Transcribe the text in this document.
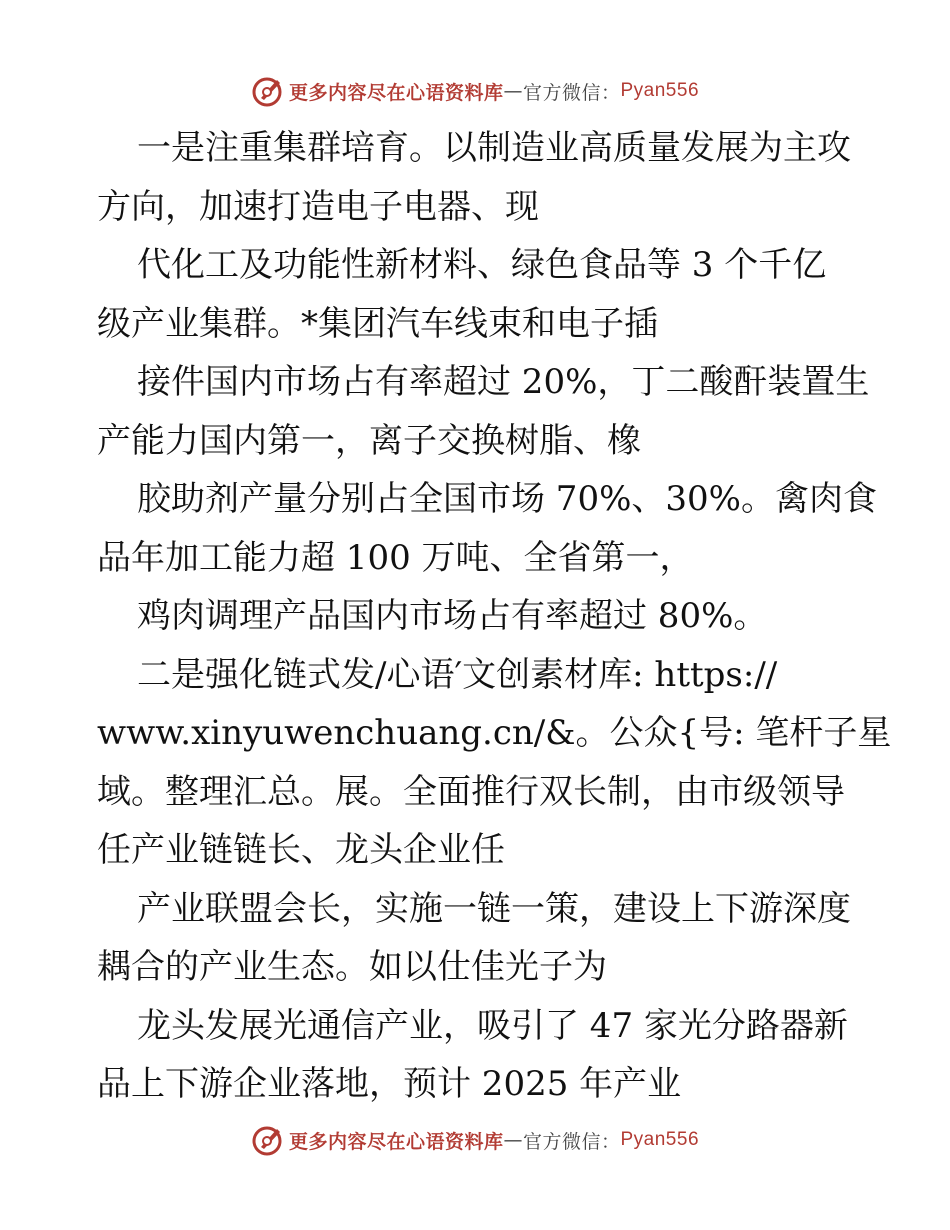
更多内容尽在心语资料库 — 官方微信： Pyan556
一是注重集群培育。以制造业高质量发展为主攻
方向，加速打造电子电器、现
代化工及功能性新材料、绿色食品等 3 个千亿
级产业集群。*集团汽车线束和电子插
接件国内市场占有率超过 20%，丁二酸酐装置生
产能力国内第一，离子交换树脂、橡
胶助剂产量分别占全国市场 70%、30%。禽肉食
品年加工能力超 100 万吨、全省第一，
鸡肉调理产品国内市场占有率超过 80%。
二是强化链式发/心语′文创素材库: https://
www.xinyuwenchuang.cn/&。公众{号: 笔杆子星
域。整理汇总。展。全面推行双长制，由市级领导
任产业链链长、龙头企业任
产业联盟会长，实施一链一策，建设上下游深度
耦合的产业生态。如以仕佳光子为
龙头发展光通信产业，吸引了 47 家光分路器新
品上下游企业落地，预计 2025 年产业
更多内容尽在心语资料库 — 官方微信： Pyan556
